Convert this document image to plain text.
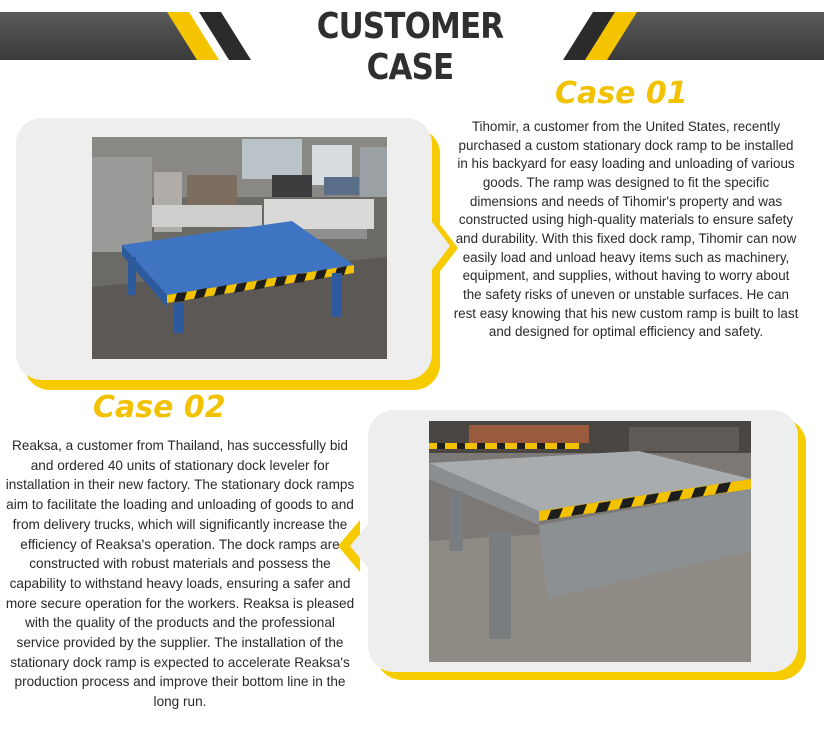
CUSTOMER CASE
Case 01
Tihomir, a customer from the United States, recently purchased a custom stationary dock ramp to be installed in his backyard for easy loading and unloading of various goods. The ramp was designed to fit the specific dimensions and needs of Tihomir's property and was constructed using high-quality materials to ensure safety and durability. With this fixed dock ramp, Tihomir can now easily load and unload heavy items such as machinery, equipment, and supplies, without having to worry about the safety risks of uneven or unstable surfaces. He can rest easy knowing that his new custom ramp is built to last and designed for optimal efficiency and safety.
Case 02
Reaksa, a customer from Thailand, has successfully bid and ordered 40 units of stationary dock leveler for installation in their new factory. The stationary dock ramps aim to facilitate the loading and unloading of goods to and from delivery trucks, which will significantly increase the efficiency of Reaksa's operation. The dock ramps are constructed with robust materials and possess the capability to withstand heavy loads, ensuring a safer and more secure operation for the workers. Reaksa is pleased with the quality of the products and the professional service provided by the supplier. The installation of the stationary dock ramp is expected to accelerate Reaksa's production process and improve their bottom line in the long run.
